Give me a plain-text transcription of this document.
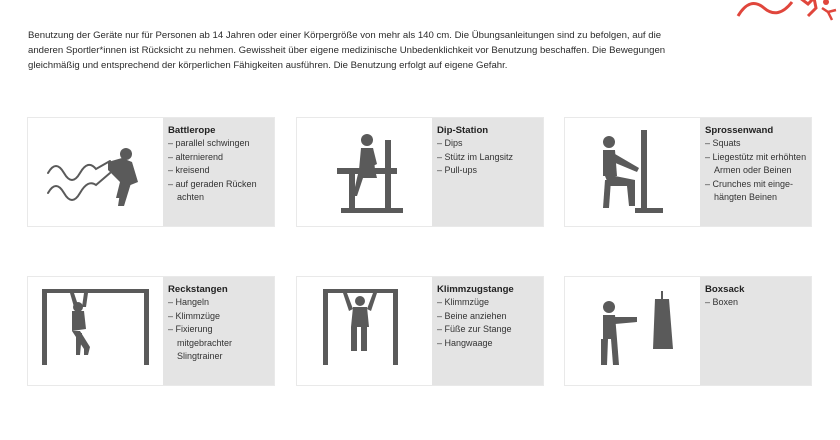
Benutzung der Geräte nur für Personen ab 14 Jahren oder einer Körpergröße von mehr als 140 cm. Die Übungsanleitungen sind zu befolgen, auf die anderen Sportler*innen ist Rücksicht zu nehmen. Gewissheit über eigene medizinische Unbedenklichkeit vor Benutzung beschaffen. Die Bewegungen gleichmäßig und entsprechend der körperlichen Fähigkeiten ausführen. Die Benutzung erfolgt auf eigene Gefahr.

Battlerope
– parallel schwingen
– alternierend
– kreisend
– auf geraden Rücken achten
Dip-Station
– Dips
– Stütz im Langsitz
– Pull-ups
Sprossenwand
– Squats
– Liegestütz mit erhöhten Armen oder Beinen
– Crunches mit einge-hängten Beinen
Reckstangen
– Hangeln
– Klimmzüge
– Fixierung mitgebrachter Slingtrainer
Klimmzugstange
– Klimmzüge
– Beine anziehen
– Füße zur Stange
– Hangwaage
Boxsack
– Boxen
